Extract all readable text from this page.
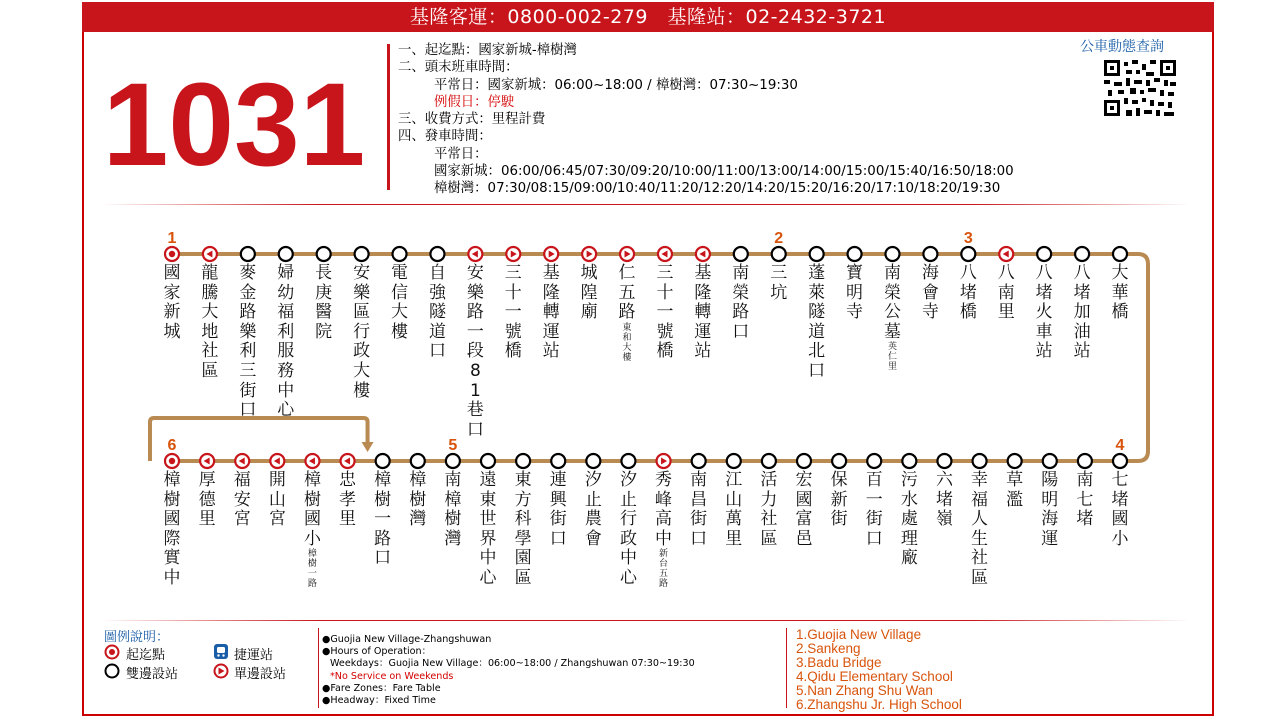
基隆客運：0800-002-279　基隆站：02-2432-3721
1031
一、起迄點：國家新城-樟樹灣
二、頭末班車時間：
平常日：國家新城：06:00~18:00 / 樟樹灣：07:30~19:30
例假日：停駛
三、收費方式：里程計費
四、發車時間：
平常日：
國家新城：06:00/06:45/07:30/09:20/10:00/11:00/13:00/14:00/15:00/15:40/16:50/18:00
樟樹灣：07:30/08:15/09:00/10:40/11:20/12:20/14:20/15:20/16:20/17:10/18:20/19:30
公車動態查詢
1	2	3
6	5	4
國
家
新
城
龍
騰
大
地
社
區
麥
金
路
樂
利
三
街
口
婦
幼
福
利
服
務
中
心
長
庚
醫
院
安
樂
區
行
政
大
樓
電
信
大
樓
自
強
隧
道
口
安
樂
路
一
段
8
1
巷
口
三
十
一
號
橋
基
隆
轉
運
站
城
隍
廟
仁
五
路
東
和
大
樓
三
十
一
號
橋
基
隆
轉
運
站
南
榮
路
口
三
坑
蓬
萊
隧
道
北
口
寶
明
寺
南
榮
公
墓
英
仁
里
海
會
寺
八
堵
橋
八
南
里
八
堵
火
車
站
八
堵
加
油
站
大
華
橋
樟
樹
國
際
實
中
厚
德
里
福
安
宮
開
山
宮
樟
樹
國
小
樟
樹
一
路
忠
孝
里
樟
樹
一
路
口
樟
樹
灣
南
樟
樹
灣
遠
東
世
界
中
心
東
方
科
學
園
區
連
興
街
口
汐
止
農
會
汐
止
行
政
中
心
秀
峰
高
中
新
台
五
路
南
昌
街
口
江
山
萬
里
活
力
社
區
宏
國
富
邑
保
新
街
百
一
街
口
污
水
處
理
廠
六
堵
嶺
幸
福
人
生
社
區
草
濫
陽
明
海
運
南
七
堵
七
堵
國
小
圖例說明：
起迄點	捷運站
雙邊設站	單邊設站
●Guojia New Village-Zhangshuwan
●Hours of Operation：
Weekdays：Guojia New Village：06:00~18:00 / Zhangshuwan 07:30~19:30
*No Service on Weekends
●Fare Zones：Fare Table
●Headway：Fixed Time
1.Guojia New Village
2.Sankeng
3.Badu Bridge
4.Qidu Elementary School
5.Nan Zhang Shu Wan
6.Zhangshu Jr. High School
